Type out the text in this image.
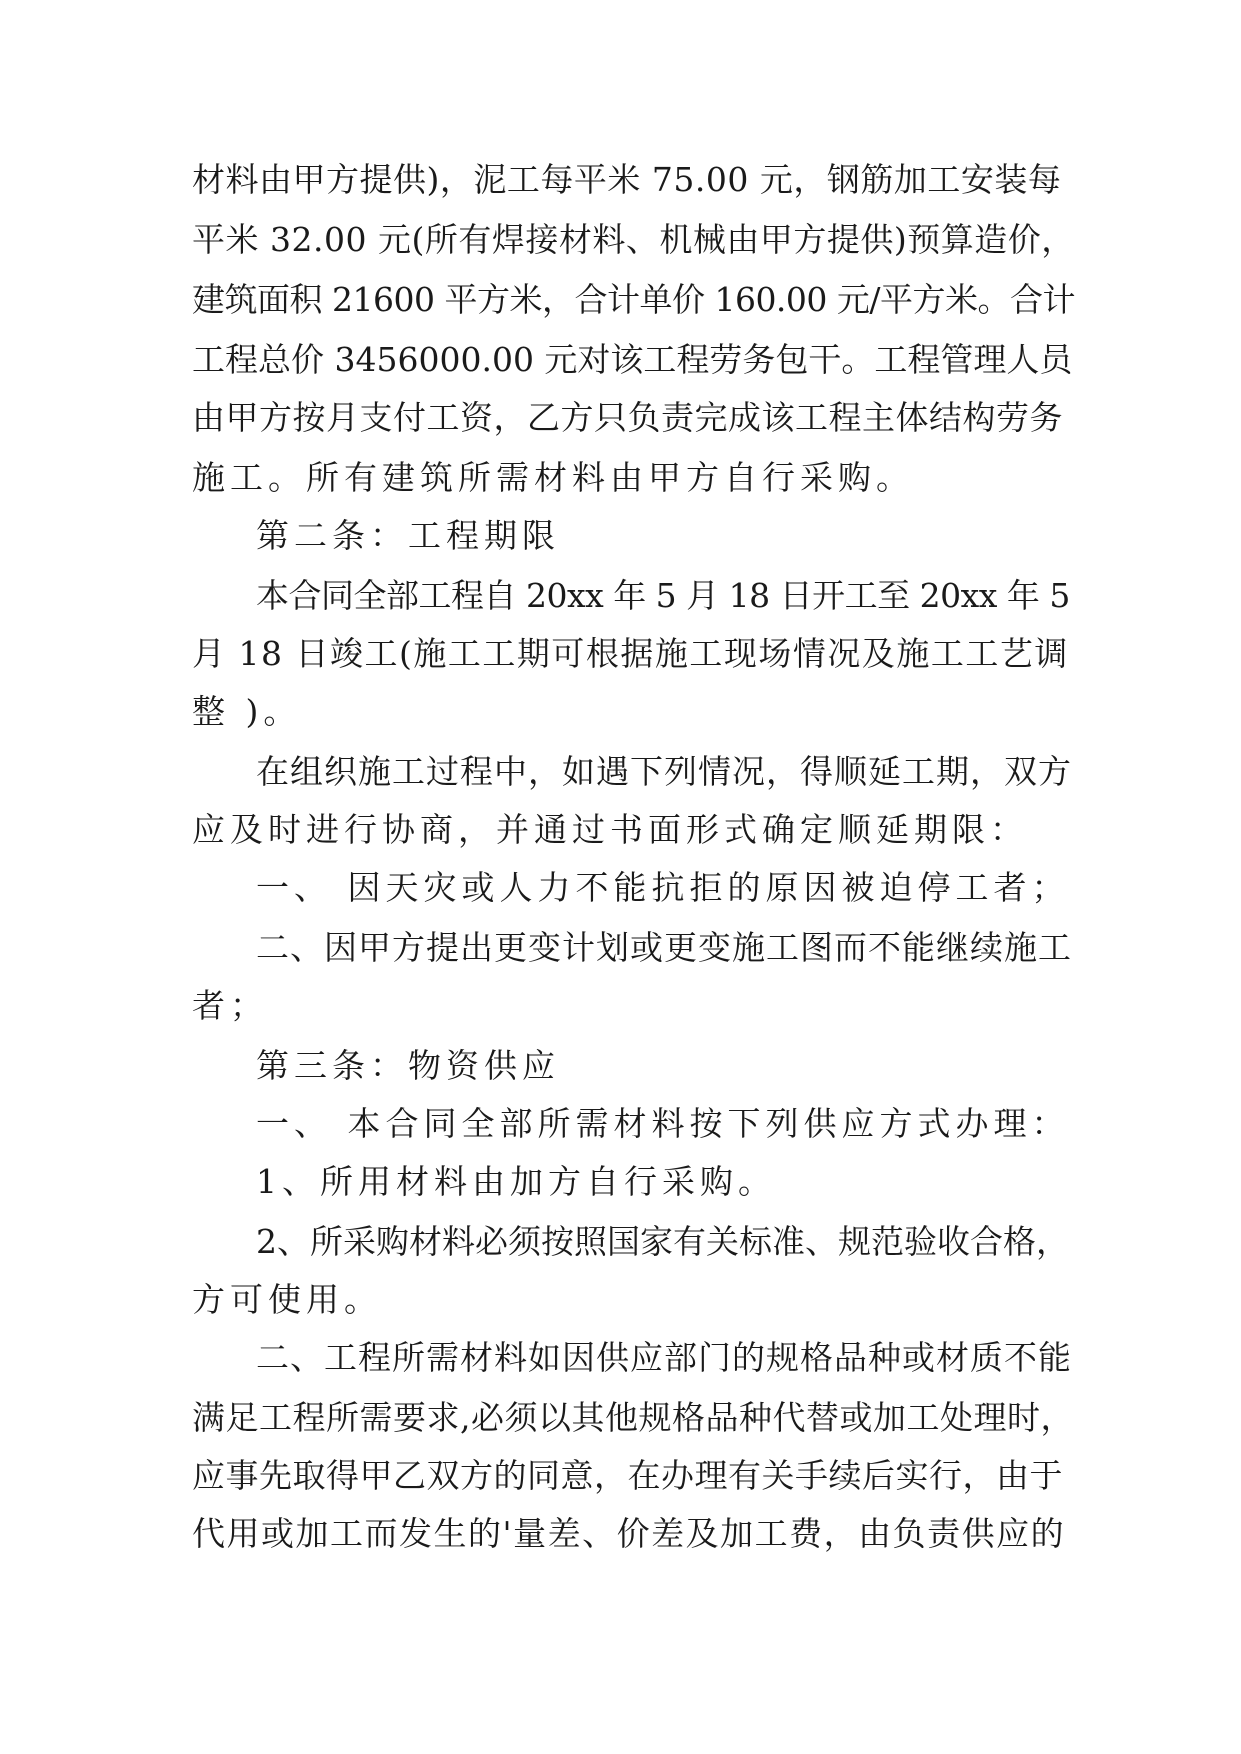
材料由甲方提供)，泥工每平米 75.00 元，钢筋加工安装每
平米 32.00 元(所有焊接材料、机械由甲方提供)预算造价，
建筑面积 21600 平方米，合计单价 160.00 元/平方米。合计
工程总价 3456000.00 元对该工程劳务包干。工程管理人员
由甲方按月支付工资，乙方只负责完成该工程主体结构劳务
施工。所有建筑所需材料由甲方自行采购。
第二条：工程期限
本合同全部工程自 20xx 年 5 月 18 日开工至 20xx 年 5
月 18 日竣工(施工工期可根据施工现场情况及施工工艺调
整 )。
在组织施工过程中，如遇下列情况，得顺延工期，双方
应及时进行协商，并通过书面形式确定顺延期限：
一、 因天灾或人力不能抗拒的原因被迫停工者；
二、因甲方提出更变计划或更变施工图而不能继续施工
者；
第三条：物资供应
一、 本合同全部所需材料按下列供应方式办理：
1、所用材料由加方自行采购。
2、所采购材料必须按照国家有关标准、规范验收合格，
方可使用。
二、工程所需材料如因供应部门的规格品种或材质不能
满足工程所需要求,必须以其他规格品种代替或加工处理时，
应事先取得甲乙双方的同意，在办理有关手续后实行，由于
代用或加工而发生的'量差、价差及加工费，由负责供应的
